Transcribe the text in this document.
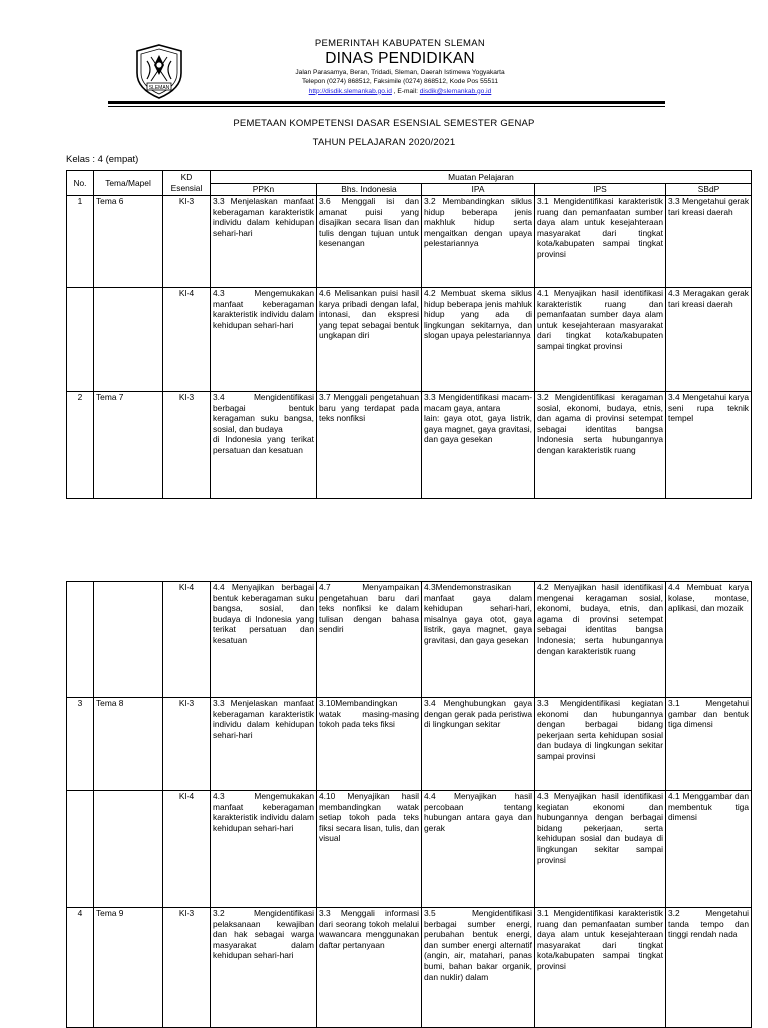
SLEMAN
PEMERINTAH KABUPATEN SLEMAN
DINAS PENDIDIKAN
Jalan Parasamya, Beran, Tridadi, Sleman, Daerah Istimewa Yogyakarta
Telepon (0274) 868512, Faksimile (0274) 868512, Kode Pos 55511
http://disdik.slemankab.go.id , E-mail: disdik@slemankab.go.id
PEMETAAN KOMPETENSI DASAR ESENSIAL SEMESTER GENAP
TAHUN PELAJARAN 2020/2021
Kelas : 4 (empat)
No.	Tema/Mapel	KD Esensial	Muatan Pelajaran				
			PPKn	Bhs. Indonesia	IPA	IPS	SBdP
1	Tema 6	KI-3	3.3 Menjelaskan manfaat keberagaman karakteristik individu dalam kehidupan sehari-hari	3.6 Menggali isi dan amanat puisi yang disajikan secara lisan dan tulis dengan tujuan untuk kesenangan	3.2 Membandingkan siklus hidup beberapa jenis makhluk hidup serta mengaitkan dengan upaya pelestariannya	3.1 Mengidentifikasi karakteristik ruang dan pemanfaatan sumber daya alam untuk kesejahteraan masyarakat dari tingkat kota/kabupaten sampai tingkat provinsi	3.3 Mengetahui gerak tari kreasi daerah
		KI-4	4.3 Mengemukakan manfaat keberagaman karakteristik individu dalam kehidupan sehari-hari	4.6 Melisankan puisi hasil karya pribadi dengan lafal, intonasi, dan ekspresi yang tepat sebagai bentuk ungkapan diri	4.2 Membuat skema siklus hidup beberapa jenis mahluk hidup yang ada di lingkungan sekitarnya, dan slogan upaya pelestariannya	4.1 Menyajikan hasil identifikasi karakteristik ruang dan pemanfaatan sumber daya alam untuk kesejahteraan masyarakat dari tingkat kota/kabupaten sampai tingkat provinsi	4.3 Meragakan gerak tari kreasi daerah
2	Tema 7	KI-3	3.4 Mengidentifikasi berbagai bentuk keragaman suku bangsa, sosial, dan budaya
di Indonesia yang terikat persatuan dan kesatuan	3.7 Menggali pengetahuan baru yang terdapat pada teks nonfiksi	3.3 Mengidentifikasi macam-macam gaya, antara
lain: gaya otot, gaya listrik, gaya magnet, gaya gravitasi, dan gaya gesekan	3.2 Mengidentifikasi keragaman sosial, ekonomi, budaya, etnis, dan agama di provinsi setempat sebagai identitas bangsa Indonesia serta hubungannya dengan karakteristik ruang	3.4 Mengetahui karya seni rupa teknik tempel
		KI-4	4.4 Menyajikan berbagai bentuk keberagaman suku bangsa, sosial, dan budaya di Indonesia yang terikat persatuan dan kesatuan	4.7 Menyampaikan pengetahuan baru dari teks nonfiksi ke dalam tulisan dengan bahasa sendiri	4.3Mendemonstrasikan manfaat gaya dalam kehidupan sehari-hari, misalnya gaya otot, gaya listrik, gaya magnet, gaya gravitasi, dan gaya gesekan	4.2 Menyajikan hasil identifikasi mengenai keragaman sosial, ekonomi, budaya, etnis, dan agama di provinsi setempat sebagai identitas bangsa Indonesia; serta hubungannya dengan karakteristik ruang	4.4 Membuat karya kolase, montase, aplikasi, dan mozaik
3	Tema 8	KI-3	3.3 Menjelaskan manfaat keberagaman karakteristik individu dalam kehidupan sehari-hari	3.10Membandingkan watak masing-masing tokoh pada teks fiksi	3.4 Menghubungkan gaya dengan gerak pada peristiwa di lingkungan sekitar	3.3 Mengidentifikasi kegiatan ekonomi dan hubungannya dengan berbagai bidang pekerjaan serta kehidupan sosial dan budaya di lingkungan sekitar sampai provinsi	3.1 Mengetahui gambar dan bentuk tiga dimensi
		KI-4	4.3 Mengemukakan manfaat keberagaman karakteristik individu dalam kehidupan sehari-hari	4.10 Menyajikan hasil membandingkan watak setiap tokoh pada teks fiksi secara lisan, tulis, dan visual	4.4 Menyajikan hasil percobaan tentang hubungan antara gaya dan gerak	4.3 Menyajikan hasil identifikasi kegiatan ekonomi dan hubungannya dengan berbagai bidang pekerjaan, serta kehidupan sosial dan budaya di lingkungan sekitar sampai provinsi	4.1 Menggambar dan membentuk tiga dimensi
4	Tema 9	KI-3	3.2 Mengidentifikasi pelaksanaan kewajiban dan hak sebagai warga masyarakat dalam kehidupan sehari-hari	3.3 Menggali informasi dari seorang tokoh melalui wawancara menggunakan daftar pertanyaan	3.5 Mengidentifikasi berbagai sumber energi, perubahan bentuk energi, dan sumber energi alternatif (angin, air, matahari, panas bumi, bahan bakar organik, dan nuklir) dalam	3.1 Mengidentifikasi karakteristik ruang dan pemanfaatan sumber daya alam untuk kesejahteraan masyarakat dari tingkat kota/kabupaten sampai tingkat provinsi	3.2 Mengetahui tanda tempo dan tinggi rendah nada
